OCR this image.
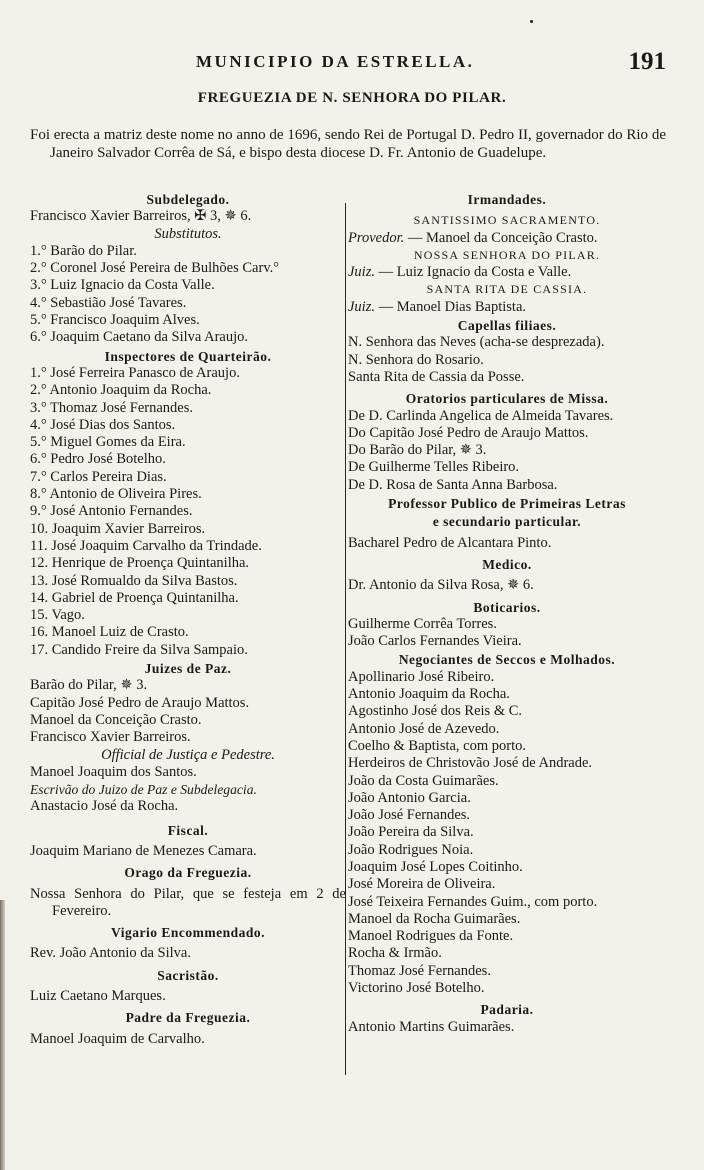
MUNICIPIO DA ESTRELLA.	191
FREGUEZIA DE N. SENHORA DO PILAR.
Foi erecta a matriz deste nome no anno de 1696, sendo Rei de Portugal D. Pedro II, governador do Rio de Janeiro Salvador Corrêa de Sá, e bispo desta diocese D. Fr. Antonio de Guadelupe.
Subdelegado.
Francisco Xavier Barreiros, ✠ 3, ✵ 6.
Substitutos.
1.° Barão do Pilar.
2.° Coronel José Pereira de Bulhões Carv.°
3.° Luiz Ignacio da Costa Valle.
4.° Sebastião José Tavares.
5.° Francisco Joaquim Alves.
6.° Joaquim Caetano da Silva Araujo.
Inspectores de Quarteirão.
1.° José Ferreira Panasco de Araujo.
2.° Antonio Joaquim da Rocha.
3.° Thomaz José Fernandes.
4.° José Dias dos Santos.
5.° Miguel Gomes da Eira.
6.° Pedro José Botelho.
7.° Carlos Pereira Dias.
8.° Antonio de Oliveira Pires.
9.° José Antonio Fernandes.
10. Joaquim Xavier Barreiros.
11. José Joaquim Carvalho da Trindade.
12. Henrique de Proença Quintanilha.
13. José Romualdo da Silva Bastos.
14. Gabriel de Proença Quintanilha.
15. Vago.
16. Manoel Luiz de Crasto.
17. Candido Freire da Silva Sampaio.
Juizes de Paz.
Barão do Pilar, ✵ 3.
Capitão José Pedro de Araujo Mattos.
Manoel da Conceição Crasto.
Francisco Xavier Barreiros.
Official de Justiça e Pedestre.
Manoel Joaquim dos Santos.
Escrivão do Juizo de Paz e Subdelegacia.
Anastacio José da Rocha.
Fiscal.
Joaquim Mariano de Menezes Camara.
Orago da Freguezia.
Nossa Senhora do Pilar, que se festeja em 2 de Fevereiro.
Vigario Encommendado.
Rev. João Antonio da Silva.
Sacristão.
Luiz Caetano Marques.
Padre da Freguezia.
Manoel Joaquim de Carvalho.
Irmandades.
SANTISSIMO SACRAMENTO.
Provedor. — Manoel da Conceição Crasto.
NOSSA SENHORA DO PILAR.
Juiz. — Luiz Ignacio da Costa e Valle.
SANTA RITA DE CASSIA.
Juiz. — Manoel Dias Baptista.
Capellas filiaes.
N. Senhora das Neves (acha-se desprezada).
N. Senhora do Rosario.
Santa Rita de Cassia da Posse.
Oratorios particulares de Missa.
De D. Carlinda Angelica de Almeida Tavares.
Do Capitão José Pedro de Araujo Mattos.
Do Barão do Pilar, ✵ 3.
De Guilherme Telles Ribeiro.
De D. Rosa de Santa Anna Barbosa.
Professor Publico de Primeiras Letras
e secundario particular.
Bacharel Pedro de Alcantara Pinto.
Medico.
Dr. Antonio da Silva Rosa, ✵ 6.
Boticarios.
Guilherme Corrêa Torres.
João Carlos Fernandes Vieira.
Negociantes de Seccos e Molhados.
Apollinario José Ribeiro.
Antonio Joaquim da Rocha.
Agostinho José dos Reis & C.
Antonio José de Azevedo.
Coelho & Baptista, com porto.
Herdeiros de Christovão José de Andrade.
João da Costa Guimarães.
João Antonio Garcia.
João José Fernandes.
João Pereira da Silva.
João Rodrigues Noia.
Joaquim José Lopes Coitinho.
José Moreira de Oliveira.
José Teixeira Fernandes Guim., com porto.
Manoel da Rocha Guimarães.
Manoel Rodrigues da Fonte.
Rocha & Irmão.
Thomaz José Fernandes.
Victorino José Botelho.
Padaria.
Antonio Martins Guimarães.
